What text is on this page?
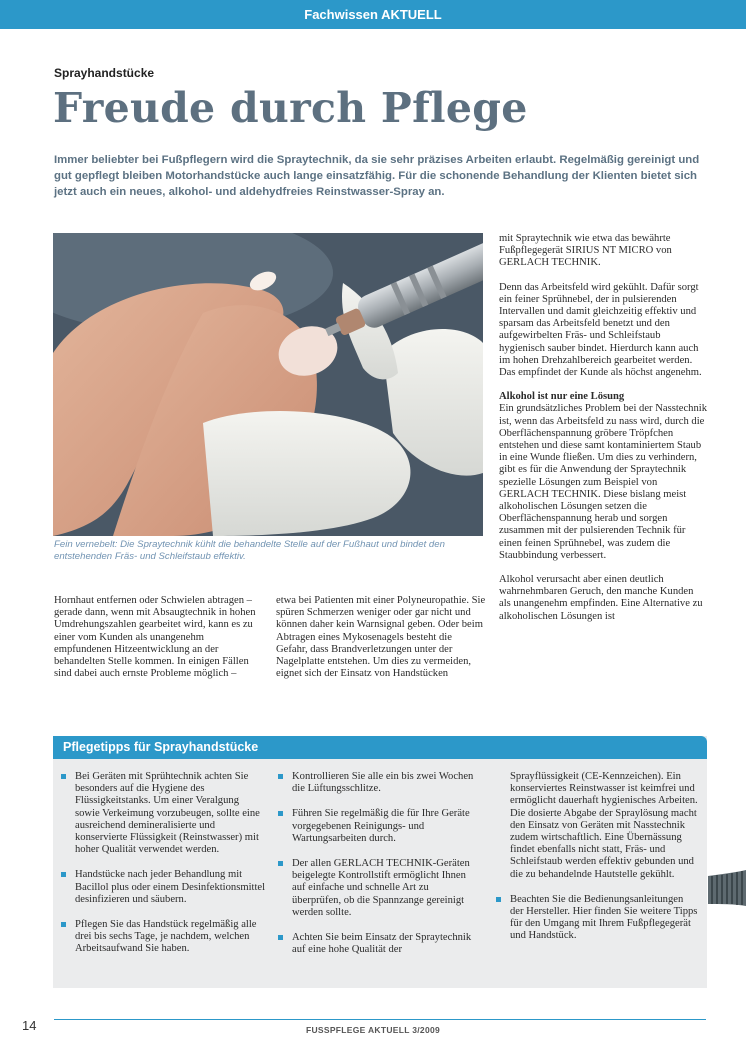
Fachwissen AKTUELL
Sprayhandstücke
Freude durch Pflege
Immer beliebter bei Fußpflegern wird die Spraytechnik, da sie sehr präzises Arbeiten erlaubt. Regelmäßig gereinigt und gut gepflegt bleiben Motorhandstücke auch lange einsatzfähig. Für die schonende Behandlung der Klienten bietet sich jetzt auch ein neues, alkohol- und aldehydfreies Reinstwasser-Spray an.
Fein vernebelt: Die Spraytechnik kühlt die behandelte Stelle auf der Fußhaut und bindet den entstehenden Fräs- und Schleifstaub effektiv.

mit Spraytechnik wie etwa das bewährte Fußpflegegerät SIRIUS NT MICRO von GERLACH TECHNIK.

Denn das Arbeitsfeld wird gekühlt. Dafür sorgt ein feiner Sprühnebel, der in pulsierenden Intervallen und damit gleichzeitig effektiv und sparsam das Arbeitsfeld benetzt und den aufgewirbelten Fräs- und Schleifstaub hygienisch sauber bindet. Hierdurch kann auch im hohen Drehzahlbereich gearbeitet werden. Das empfindet der Kunde als höchst angenehm.

Alkohol ist nur eine Lösung
Ein grundsätzliches Problem bei der Nasstechnik ist, wenn das Arbeitsfeld zu nass wird, durch die Oberflächenspannung gröbere Tröpfchen entstehen und diese samt kontaminiertem Staub in eine Wunde fließen. Um dies zu verhindern, gibt es für die Anwendung der Spraytechnik spezielle Lösungen zum Beispiel von GERLACH TECHNIK. Diese bislang meist alkoholischen Lösungen setzen die Oberflächenspannung herab und sorgen zusammen mit der pulsierenden Technik für einen feinen Sprühnebel, was zudem die Staubbindung verbessert.

Alkohol verursacht aber einen deutlich wahrnehmbaren Geruch, den manche Kunden als unangenehm empfinden. Eine Alternative zu alkoholischen Lösungen ist

Hornhaut entfernen oder Schwielen abtragen – gerade dann, wenn mit Absaugtechnik in hohen Umdrehungszahlen gearbeitet wird, kann es zu einer vom Kunden als unangenehm empfundenen Hitzeentwicklung an der behandelten Stelle kommen. In einigen Fällen sind dabei auch ernste Probleme möglich –

etwa bei Patienten mit einer Polyneuropathie. Sie spüren Schmerzen weniger oder gar nicht und können daher kein Warnsignal geben. Oder beim Abtragen eines Mykosenagels besteht die Gefahr, dass Brandverletzungen unter der Nagelplatte entstehen. Um dies zu vermeiden, eignet sich der Einsatz von Handstücken

Pflegetipps für Sprayhandstücke
Bei Geräten mit Sprühtechnik achten Sie besonders auf die Hygiene des Flüssigkeitstanks. Um einer Veralgung sowie Verkeimung vorzubeugen, sollte eine ausreichend demineralisierte und konservierte Flüssigkeit (Reinstwasser) mit hoher Qualität verwendet werden.
Handstücke nach jeder Behandlung mit Bacillol plus oder einem Desinfektionsmittel desinfizieren und säubern.
Pflegen Sie das Handstück regelmäßig alle drei bis sechs Tage, je nachdem, welchen Arbeitsaufwand Sie haben.
Kontrollieren Sie alle ein bis zwei Wochen die Lüftungsschlitze.
Führen Sie regelmäßig die für Ihre Geräte vorgegebenen Reinigungs- und Wartungsarbeiten durch.
Der allen GERLACH TECHNIK-Geräten beigelegte Kontrollstift ermöglicht Ihnen auf einfache und schnelle Art zu überprüfen, ob die Spannzange gereinigt werden sollte.
Achten Sie beim Einsatz der Spraytechnik auf eine hohe Qualität der
Sprayflüssigkeit (CE-Kennzeichen). Ein konserviertes Reinstwasser ist keimfrei und ermöglicht dauerhaft hygienisches Arbeiten. Die dosierte Abgabe der Spraylösung macht den Einsatz von Geräten mit Nasstechnik zudem wirtschaftlich. Eine Übernässung findet ebenfalls nicht statt, Fräs- und Schleifstaub werden effektiv gebunden und die zu behandelnde Hautstelle gekühlt.
Beachten Sie die Bedienungsanleitungen der Hersteller. Hier finden Sie weitere Tipps für den Umgang mit Ihrem Fußpflegegerät und Handstück.
14	FUSSPFLEGE AKTUELL 3/2009
